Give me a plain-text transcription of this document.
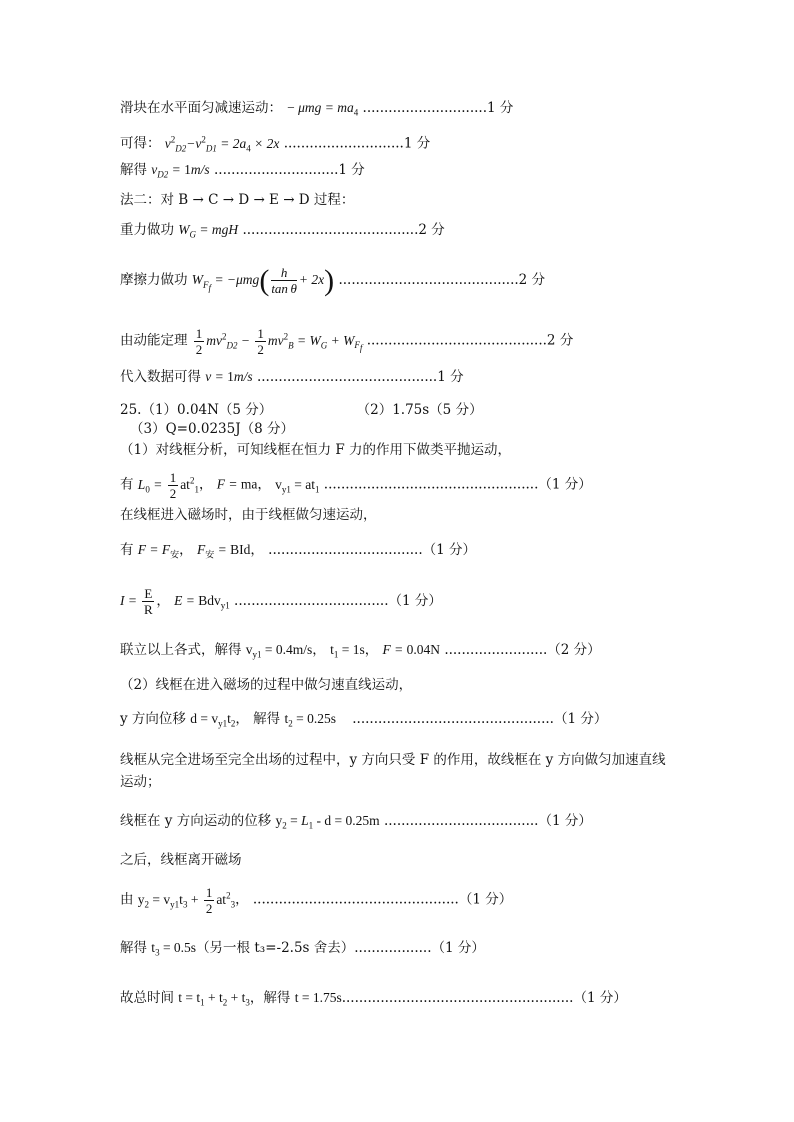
滑块在水平面匀减速运动： − $\mu mg = ma_4$ .............................1 分
可得： $v^2_{D2}-v^2_{D1} = 2a_4 \times 2x$ ............................1 分
解得 $v_{D2} = 1m/s$ .............................1 分
法二：对 B → C → D → E → D 过程：
重力做功 $W_G$ = mgH .........................................2 分
摩擦力做功 $W_{F_f} = -\mu mg( \frac{h}{\text{tan θ}} + 2x)$ ..........................................2 分
由动能定理 $\frac{1}{2} mv^2_{D2} - \frac{1}{2} mv^2_B = W_G + W_{F_f}$ ..........................................2 分
代入数据可得 v = 1m/s ..........................................1 分
25.（1）0.04N（5 分）	（2）1.75s（5 分）
（3）Q=0.0235J（8 分）
（1）对线框分析，可知线框在恒力 F 力的作用下做类平抛运动，
有 $L_0 = \frac{1}{2} at^2_1$， F = ma， $v_{y1} = at_1$ ..................................................（1 分）
在线框进入磁场时，由于线框做匀速运动，
有 $F = F_安$， $F_安$ = BId， ....................................（1 分）
$I = \frac{E}{R}$ ， E = Bdv$_{y1}$ ....................................（1 分）
联立以上各式，解得 $v_{y1} = 0.4m/s$， $t_1 = 1s$， F = 0.04N ........................（2 分）
（2）线框在进入磁场的过程中做匀速直线运动，
y 方向位移 $d = v_{y1}t_2$， 解得 $t_2 = 0.25s$ ...............................................（1 分）
线框从完全进场至完全出场的过程中，y 方向只受 F 的作用，故线框在 y 方向做匀加速直线
运动；
线框在 y 方向运动的位移 $y_2 = L_1 - d = 0.25m$ ....................................（1 分）
之后，线框离开磁场
由 $y_2 = v_{y1}t_3 + \frac{1}{2} at^2_3$， ................................................（1 分）
解得 $t_3 = 0.5s$（另一根 t₃=-2.5s 舍去）..................（1 分）
故总时间 $t = t_1 + t_2 + t_3$，解得 t = 1.75s......................................................（1 分）
